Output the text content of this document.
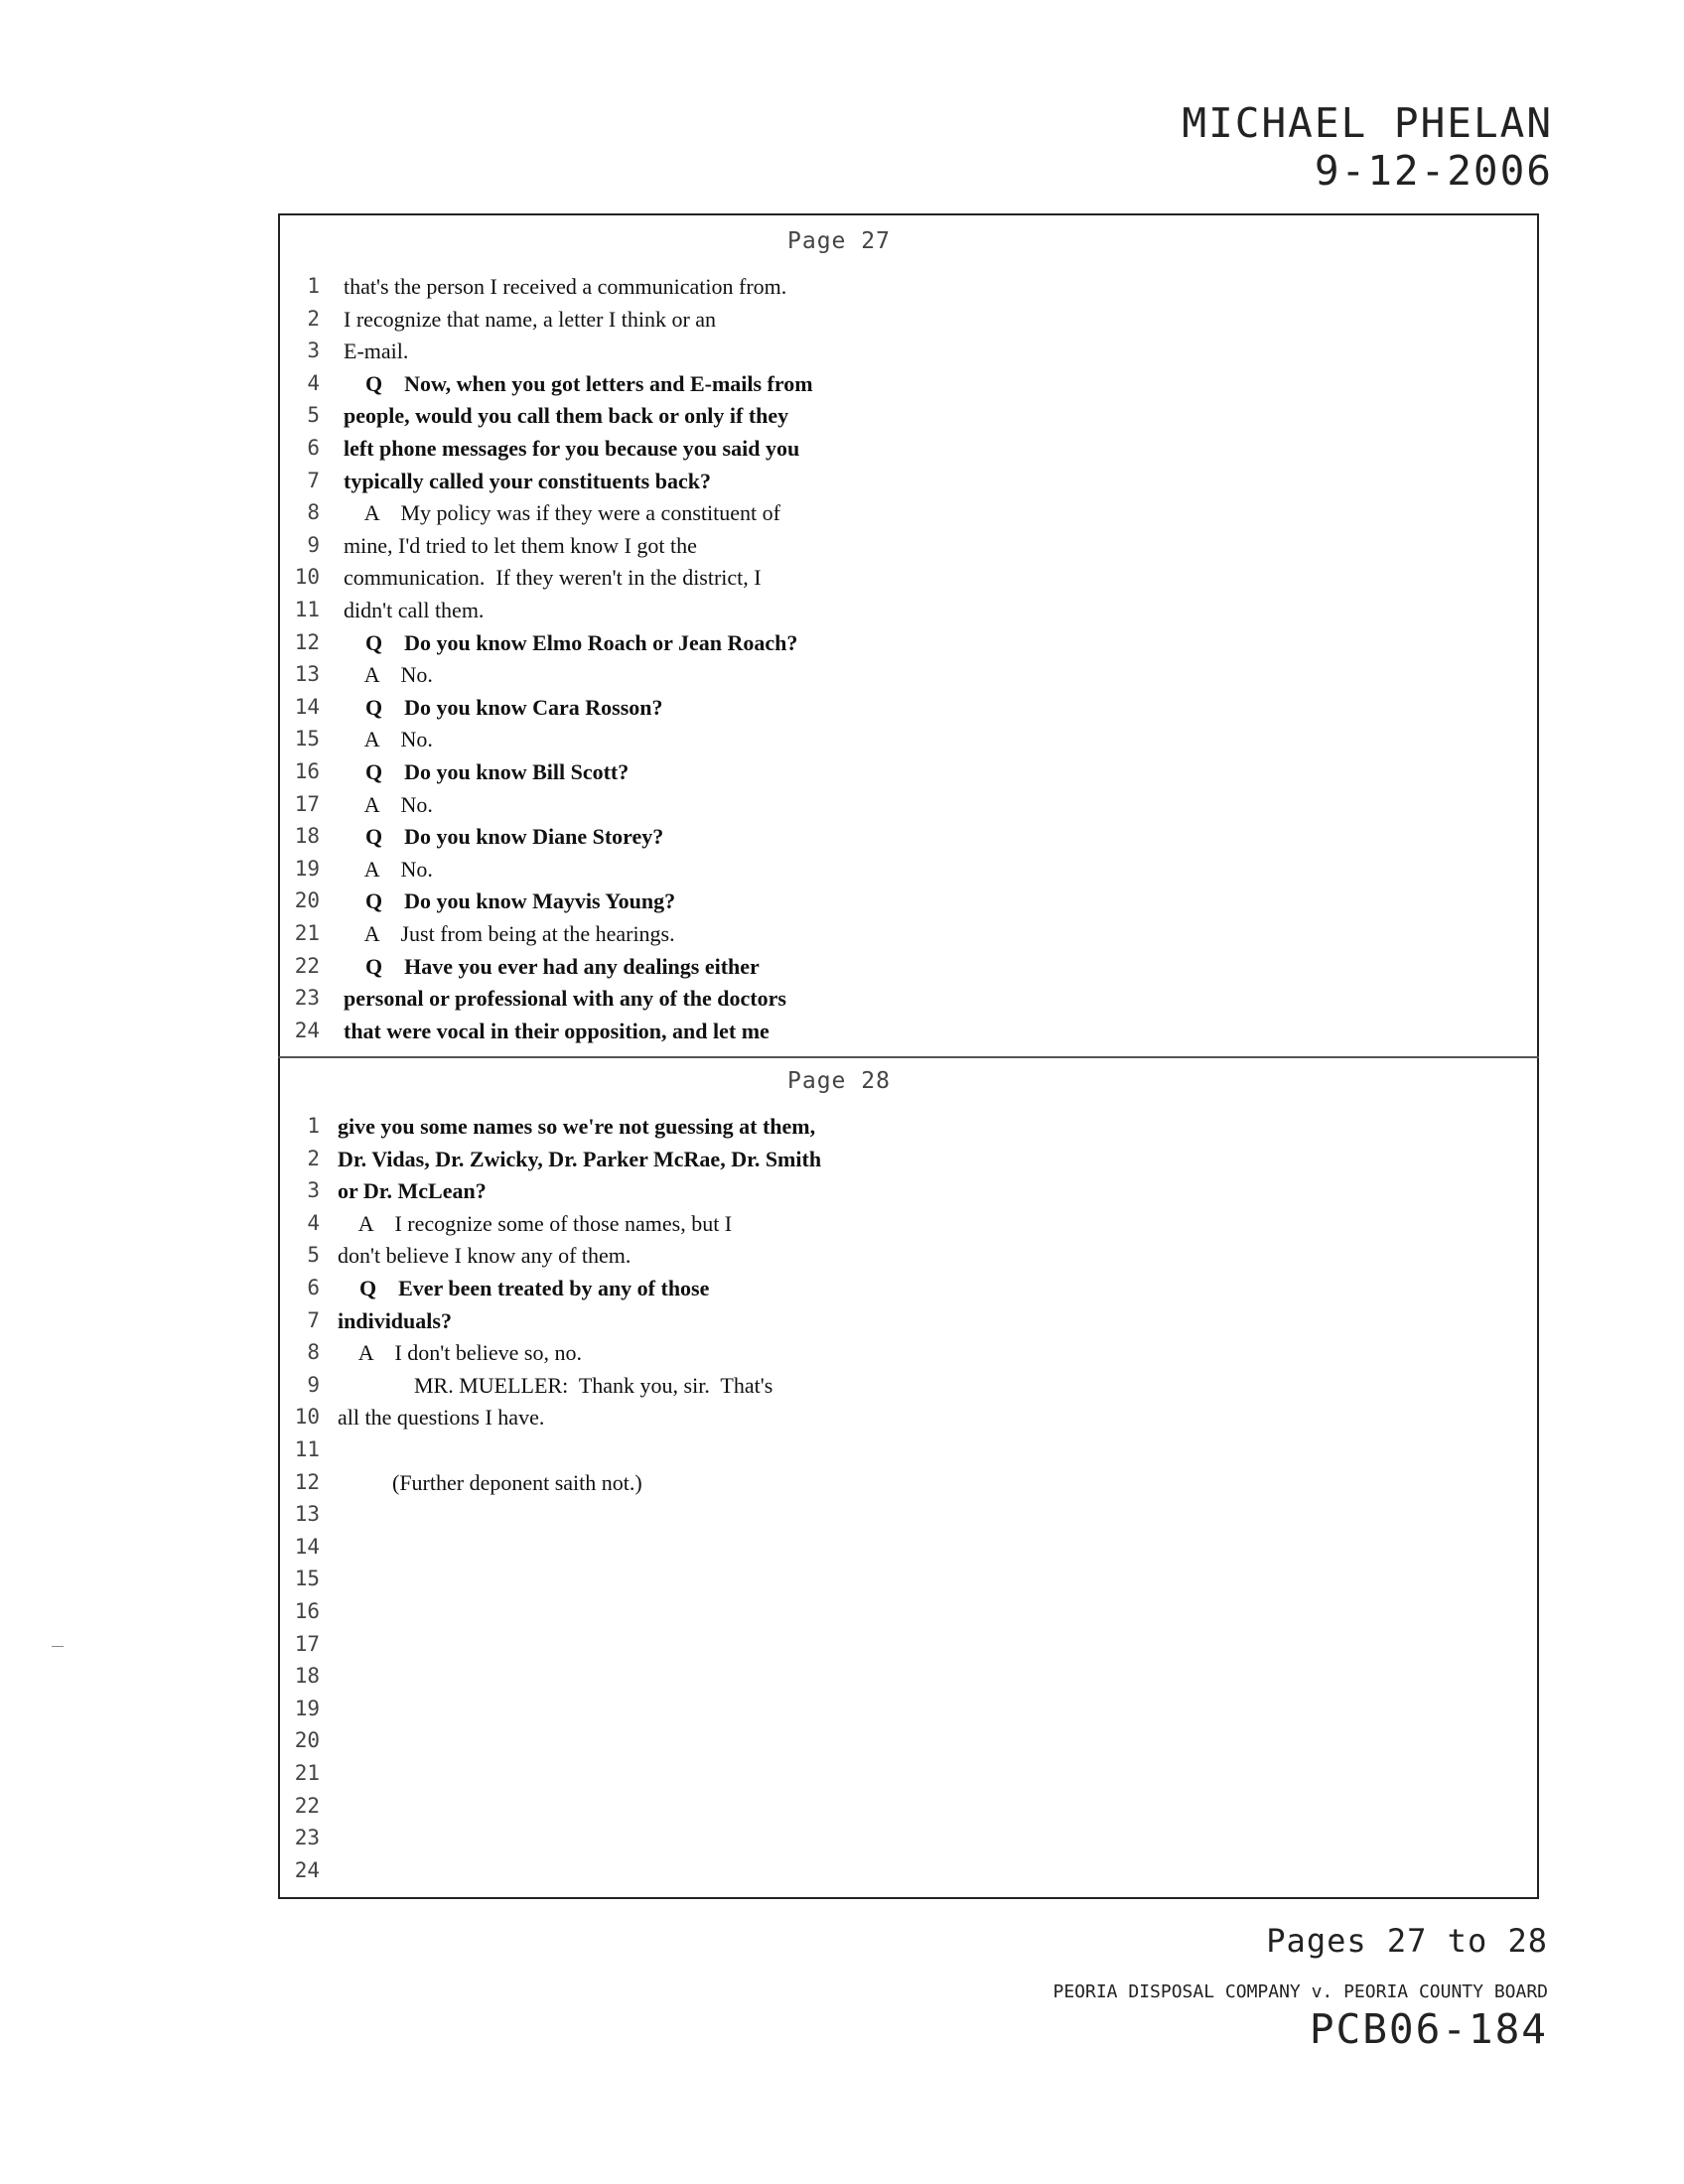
MICHAEL PHELAN
9-12-2006
Page 27
1 that's the person I received a communication from.
2 I recognize that name, a letter I think or an
3 E-mail.
4 Q    Now, when you got letters and E-mails from
5 people, would you call them back or only if they
6 left phone messages for you because you said you
7 typically called your constituents back?
8 A    My policy was if they were a constituent of
9 mine, I'd tried to let them know I got the
10 communication.  If they weren't in the district, I
11 didn't call them.
12 Q    Do you know Elmo Roach or Jean Roach?
13 A    No.
14 Q    Do you know Cara Rosson?
15 A    No.
16 Q    Do you know Bill Scott?
17 A    No.
18 Q    Do you know Diane Storey?
19 A    No.
20 Q    Do you know Mayvis Young?
21 A    Just from being at the hearings.
22 Q    Have you ever had any dealings either
23 personal or professional with any of the doctors
24 that were vocal in their opposition, and let me
Page 28
1 give you some names so we're not guessing at them,
2 Dr. Vidas, Dr. Zwicky, Dr. Parker McRae, Dr. Smith
3 or Dr. McLean?
4 A    I recognize some of those names, but I
5 don't believe I know any of them.
6 Q    Ever been treated by any of those
7 individuals?
8 A    I don't believe so, no.
9 MR. MUELLER:  Thank you, sir.  That's
10 all the questions I have.
11
12 (Further deponent saith not.)
13
14
15
16
17
18
19
20
21
22
23
24
Pages 27 to 28
PEORIA DISPOSAL COMPANY v. PEORIA COUNTY BOARD
PCB06-184
